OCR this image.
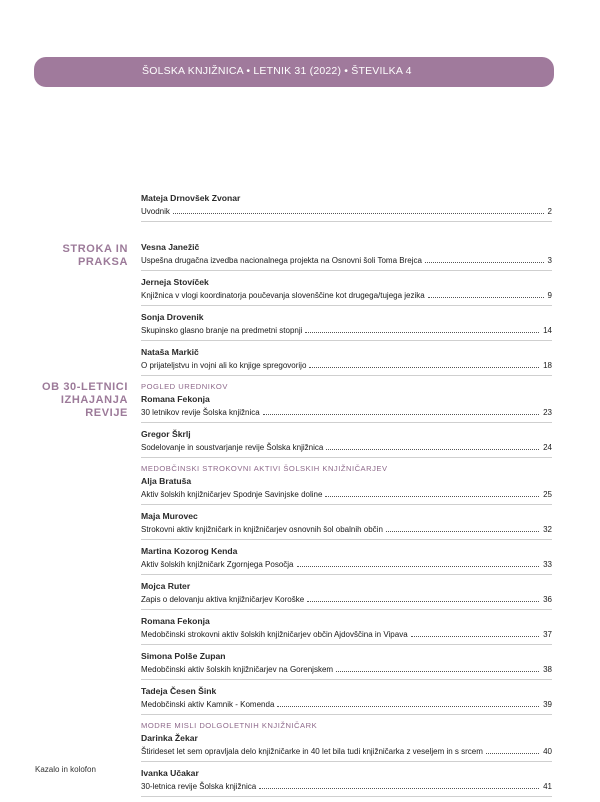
ŠOLSKA KNJIŽNICA • LETNIK 31 (2022) • ŠTEVILKA 4
Mateja Drnovšek Zvonar
Uvodnik	2
STROKA IN
PRAKSA
Vesna Janežič
Uspešna drugačna izvedba nacionalnega projekta na Osnovni šoli Toma Brejca	3
Jerneja Stovíček
Knjižnica v vlogi koordinatorja poučevanja slovenščine kot drugega/tujega jezika	9
Sonja Drovenik
Skupinsko glasno branje na predmetni stopnji	14
Nataša Markič
O prijateljstvu in vojni ali ko knjige spregovorijo	18
OB 30-LETNICI
IZHAJANJA
REVIJE
POGLED UREDNIKOV
Romana Fekonja
30 letnikov revije Šolska knjižnica	23
Gregor Škrlj
Sodelovanje in soustvarjanje revije Šolska knjižnica	24
MEDOBČINSKI STROKOVNI AKTIVI ŠOLSKIH KNJIŽNIČARJEV
Alja Bratuša
Aktiv šolskih knjižničarjev Spodnje Savinjske doline	25
Maja Murovec
Strokovni aktiv knjižničark in knjižničarjev osnovnih šol obalnih občin	32
Martina Kozorog Kenda
Aktiv šolskih knjižničark Zgornjega Posočja	33
Mojca Ruter
Zapis o delovanju aktiva knjižničarjev Koroške	36
Romana Fekonja
Medobčinski strokovni aktiv šolskih knjižničarjev občin Ajdovščina in Vipava	37
Simona Polše Zupan
Medobčinski aktiv šolskih knjižničarjev na Gorenjskem	38
Tadeja Česen Šink
Medobčinski aktiv Kamnik - Komenda	39
MODRE MISLI DOLGOLETNIH KNJIŽNIČARK
Darinka Žekar
Štirideset let sem opravljala delo knjižničarke in 40 let bila tudi knjižničarka z veseljem in s srcem	40
Ivanka Učakar
30-letnica revije Šolska knjižnica	41
Kazalo in kolofon
